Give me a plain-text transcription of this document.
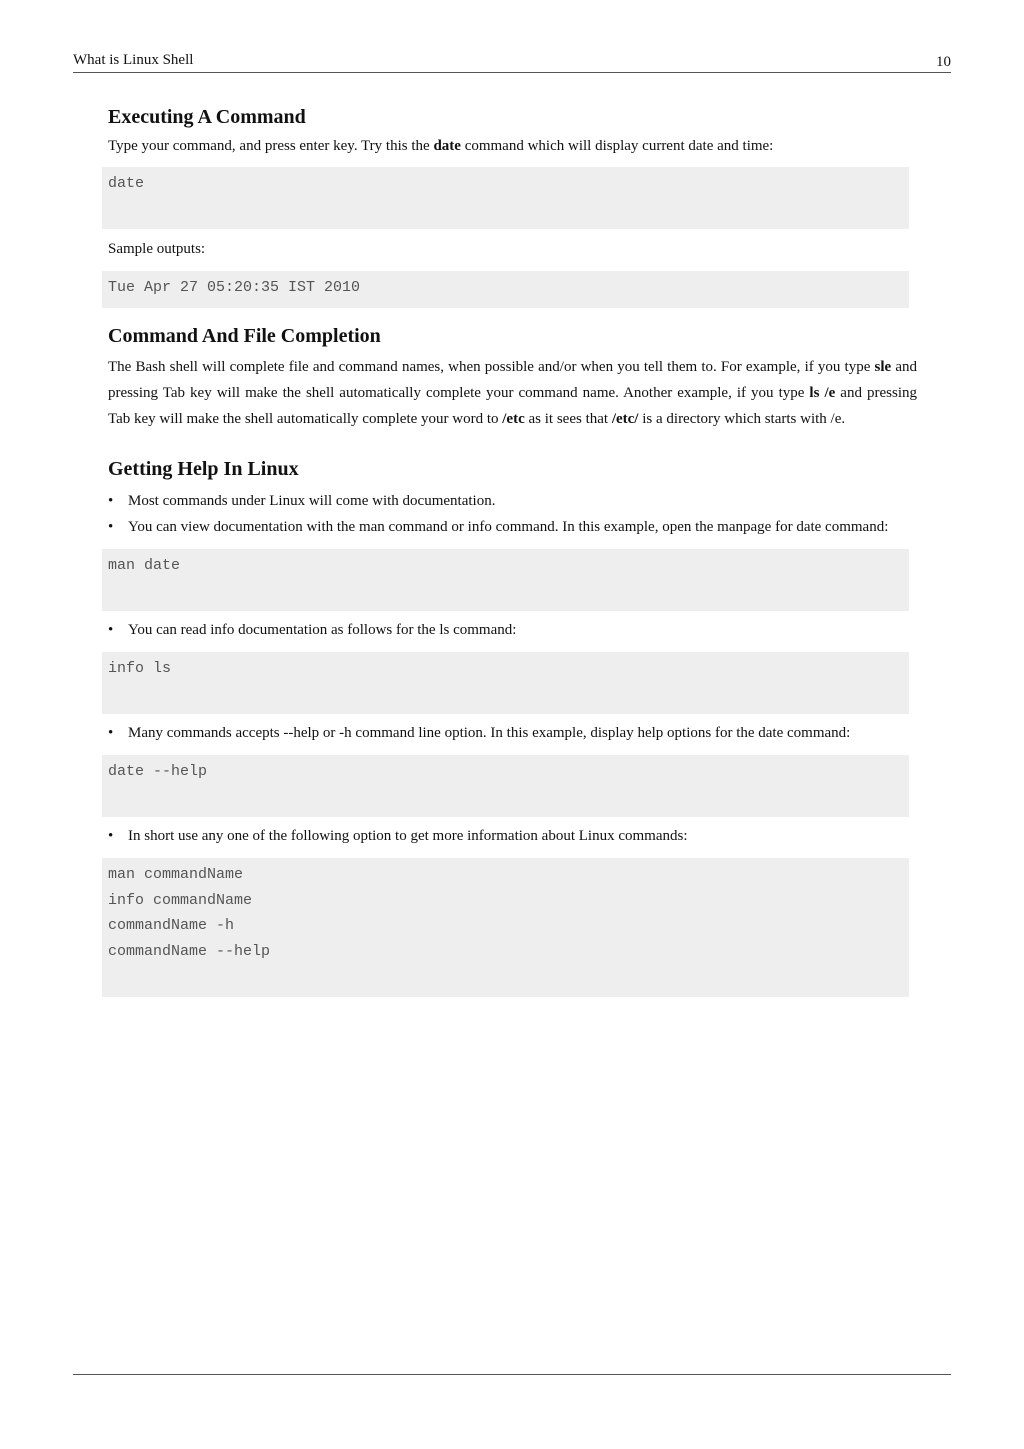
What is Linux Shell	10
Executing A Command

Type your command, and press enter key. Try this the date command which will display current date and time:

date

Sample outputs:

Tue Apr 27 05:20:35 IST 2010
Command And File Completion

The Bash shell will complete file and command names, when possible and/or when you tell them to. For example, if you type sle and pressing Tab key will make the shell automatically complete your command name. Another example, if you type ls /e and pressing Tab key will make the shell automatically complete your word to /etc as it sees that /etc/ is a directory which starts with /e.

Getting Help In Linux
• Most commands under Linux will come with documentation.
• You can view documentation with the man command or info command. In this example, open the manpage for date command:
man date
• You can read info documentation as follows for the ls command:
info ls
• Many commands accepts --help or -h command line option. In this example, display help options for the date command:
date --help
• In short use any one of the following option to get more information about Linux commands:
man commandName
info commandName
commandName -h
commandName --help
